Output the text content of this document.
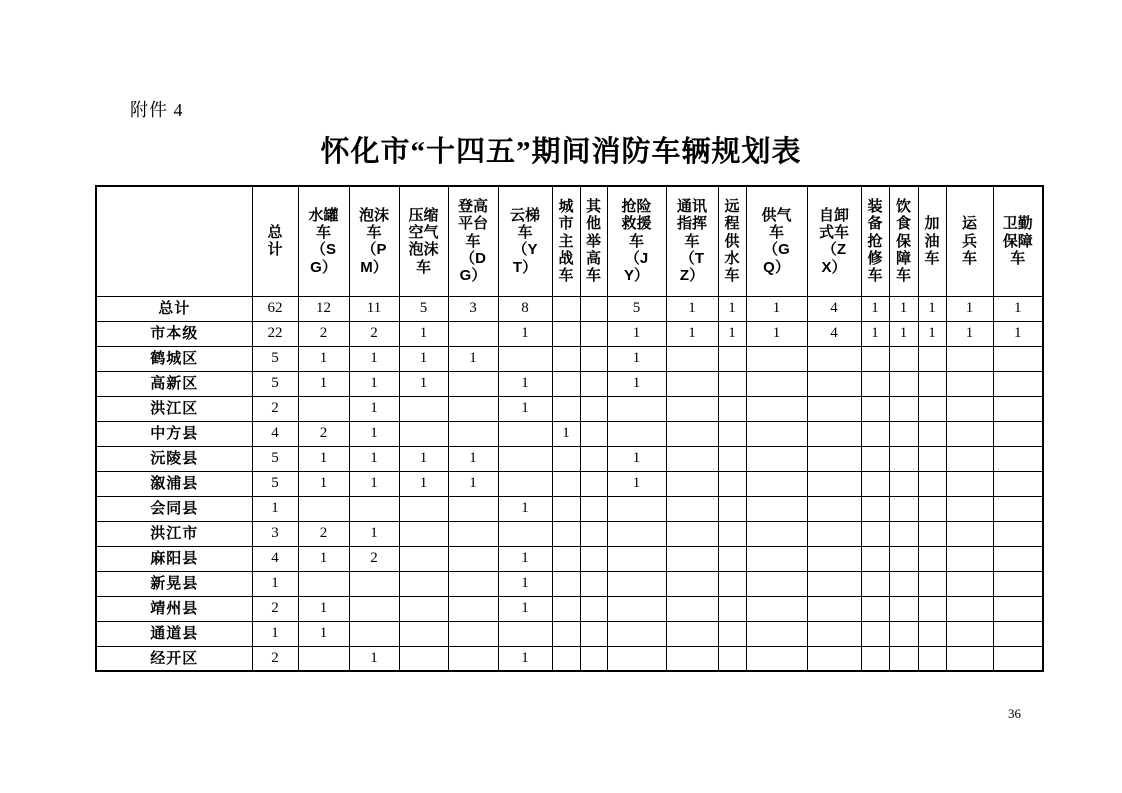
附件 4
怀化市“十四五”期间消防车辆规划表
	总计	水罐车（SG）	泡沫车（PM）	压缩空气泡沫车	登高平台车（DG）	云梯车（YT）	城市主战车	其他举高车	抢险救援车（JY）	通讯指挥车（TZ）	远程供水车	供气车（GQ）	自卸式车（ZX）	装备抢修车	饮食保障车	加油车	运兵车	卫勤保障车
总计	62	12	11	5	3	8			5	1	1	1	4	1	1	1	1	1
市本级	22	2	2	1		1			1	1	1	1	4	1	1	1	1	1
鹤城区	5	1	1	1	1				1									
高新区	5	1	1	1		1			1									
洪江区	2		1			1												
中方县	4	2	1				1											
沅陵县	5	1	1	1	1				1									
溆浦县	5	1	1	1	1				1									
会同县	1					1												
洪江市	3	2	1															
麻阳县	4	1	2			1												
新晃县	1					1												
靖州县	2	1				1												
通道县	1	1																
经开区	2		1			1												
36
